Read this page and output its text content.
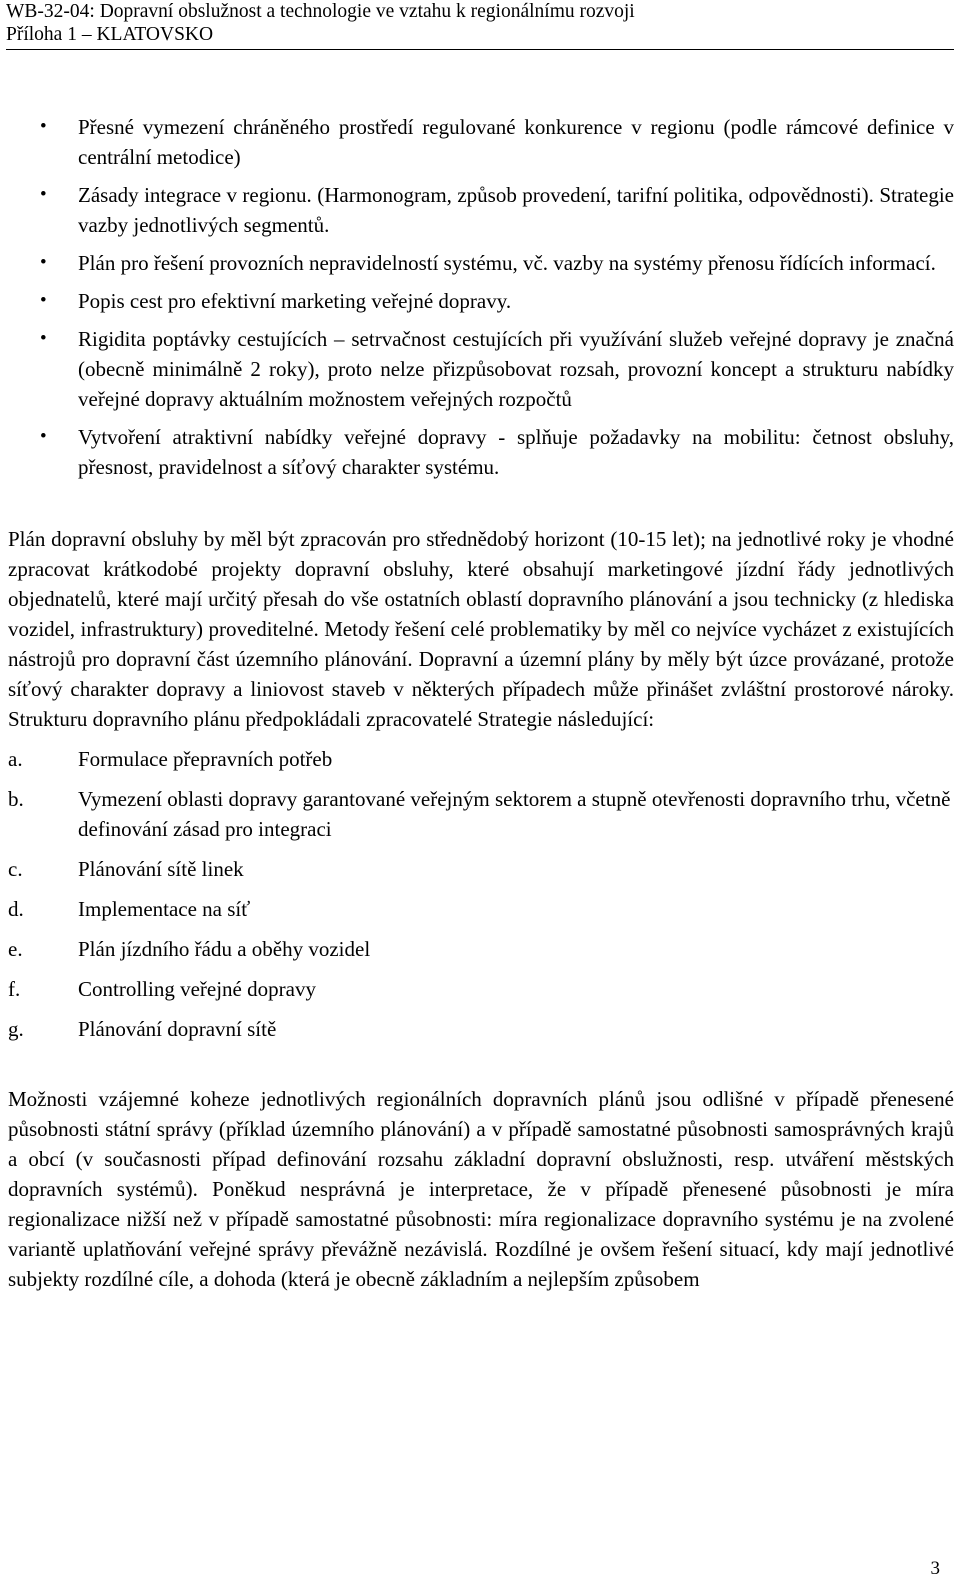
WB-32-04: Dopravní obslužnost a technologie ve vztahu k regionálnímu rozvoji
Příloha 1 – KLATOVSKO
• Přesné vymezení chráněného prostředí regulované konkurence v regionu (podle rámcové definice v centrální metodice)
• Zásady integrace v regionu. (Harmonogram, způsob provedení, tarifní politika, odpovědnosti). Strategie vazby jednotlivých segmentů.
• Plán pro řešení provozních nepravidelností systému, vč. vazby na systémy přenosu řídících informací.
• Popis cest pro efektivní marketing veřejné dopravy.
• Rigidita poptávky cestujících – setrvačnost cestujících při využívání služeb veřejné dopravy je značná (obecně minimálně 2 roky), proto nelze přizpůsobovat rozsah, provozní koncept a strukturu nabídky veřejné dopravy aktuálním možnostem veřejných rozpočtů
• Vytvoření atraktivní nabídky veřejné dopravy - splňuje požadavky na mobilitu: četnost obsluhy, přesnost, pravidelnost a síťový charakter systému.

Plán dopravní obsluhy by měl být zpracován pro střednědobý horizont (10-15 let); na jednotlivé roky je vhodné zpracovat krátkodobé projekty dopravní obsluhy, které obsahují marketingové jízdní řády jednotlivých objednatelů, které mají určitý přesah do vše ostatních oblastí dopravního plánování a jsou technicky (z hlediska vozidel, infrastruktury) proveditelné. Metody řešení celé problematiky by měl co nejvíce vycházet z existujících nástrojů pro dopravní část územního plánování. Dopravní a územní plány by měly být úzce provázané, protože síťový charakter dopravy a liniovost staveb v některých případech může přinášet zvláštní prostorové nároky. Strukturu dopravního plánu předpokládali zpracovatelé Strategie následující:

a.	Formulace přepravních potřeb
b.	Vymezení oblasti dopravy garantované veřejným sektorem a stupně otevřenosti dopravního trhu, včetně definování zásad pro integraci
c.	Plánování sítě linek
d.	Implementace na síť
e.	Plán jízdního řádu a oběhy vozidel
f.	Controlling veřejné dopravy
g.	Plánování dopravní sítě

Možnosti vzájemné koheze jednotlivých regionálních dopravních plánů jsou odlišné v případě přenesené působnosti státní správy (příklad územního plánování) a v případě samostatné působnosti samosprávných krajů a obcí (v současnosti případ definování rozsahu základní dopravní obslužnosti, resp. utváření městských dopravních systémů). Poněkud nesprávná je interpretace, že v případě přenesené působnosti je míra regionalizace nižší než v případě samostatné působnosti: míra regionalizace dopravního systému je na zvolené variantě uplatňování veřejné správy převážně nezávislá. Rozdílné je ovšem řešení situací, kdy mají jednotlivé subjekty rozdílné cíle, a dohoda (která je obecně základním a nejlepším způsobem

3
